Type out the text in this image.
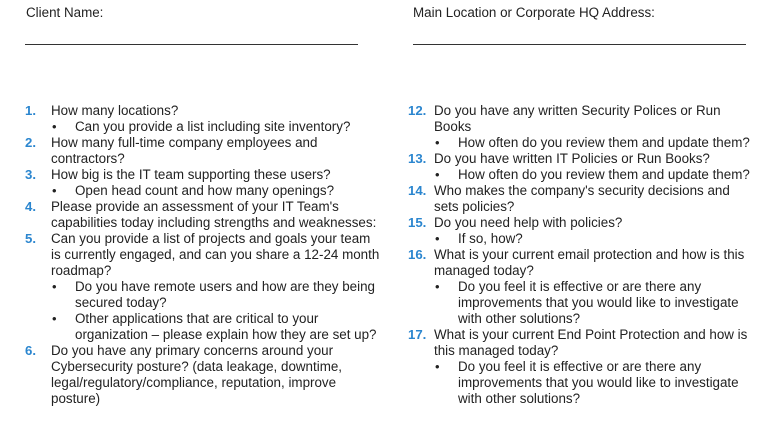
Client Name:	Main Location or Corporate HQ Address:
1. How many locations?
• Can you provide a list including site inventory?
2. How many full-time company employees and contractors?
3. How big is the IT team supporting these users?
• Open head count and how many openings?
4. Please provide an assessment of your IT Team's capabilities today including strengths and weaknesses:
5. Can you provide a list of projects and goals your team is currently engaged, and can you share a 12-24 month roadmap?
• Do you have remote users and how are they being secured today?
• Other applications that are critical to your organization – please explain how they are set up?
6. Do you have any primary concerns around your Cybersecurity posture? (data leakage, downtime, legal/regulatory/compliance, reputation, improve posture)
12. Do you have any written Security Polices or Run Books
• How often do you review them and update them?
13. Do you have written IT Policies or Run Books?
• How often do you review them and update them?
14. Who makes the company's security decisions and sets policies?
15. Do you need help with policies?
• If so, how?
16. What is your current email protection and how is this managed today?
• Do you feel it is effective or are there any improvements that you would like to investigate with other solutions?
17. What is your current End Point Protection and how is this managed today?
• Do you feel it is effective or are there any improvements that you would like to investigate with other solutions?
